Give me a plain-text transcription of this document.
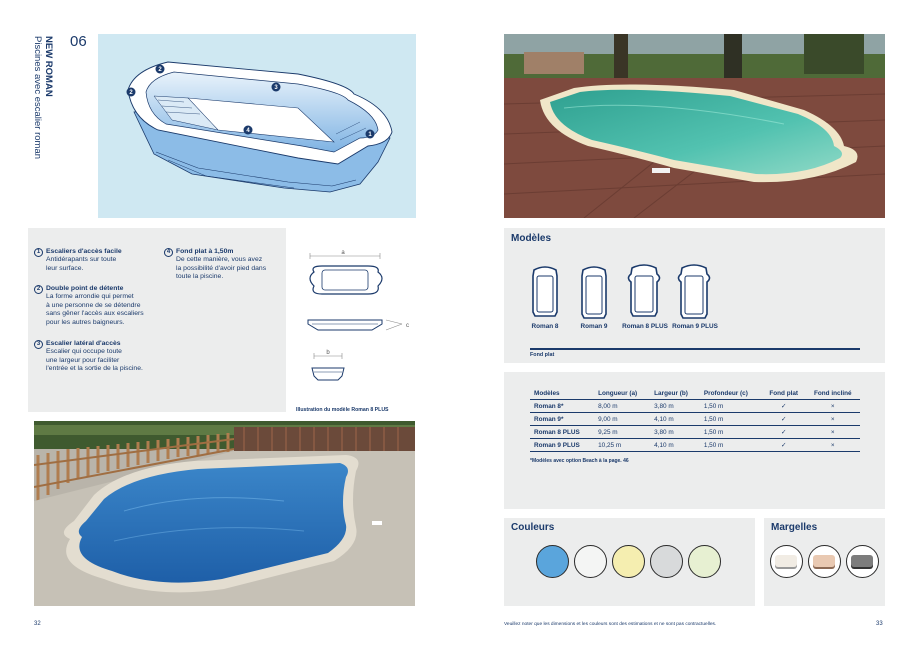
1
2
2
3
4
06
NEW ROMAN
Piscines avec escalier roman
1 Escaliers d'accès facile
Antidérapants sur toute
leur surface.
2 Double point de détente
La forme arrondie qui permet
à une personne de se détendre
sans gêner l'accès aux escaliers
pour les autres baigneurs.
3 Escalier latéral d'accès
Escalier qui occupe toute
une largeur pour faciliter
l'entrée et la sortie de la piscine.
4 Fond plat à 1,50m
De cette manière, vous avez
la possibilité d'avoir pied dans
toute la piscine.
a
c
b
Illustration du modèle Roman 8 PLUS
32
Modèles
Roman 8	Roman 9	Roman 8 PLUS Roman 9 PLUS
Fond plat
Modèles	Longueur (a)	Largeur (b)	Profondeur (c)	Fond plat	Fond incliné
Roman 8*	8,00 m	3,80 m	1,50 m	✓	×
Roman 9*	9,00 m	4,10 m	1,50 m	✓	×
Roman 8 PLUS	9,25 m	3,80 m	1,50 m	✓	×
Roman 9 PLUS	10,25 m	4,10 m	1,50 m	✓	×
*Modèles avec option Beach à la page. 46
Couleurs	Margelles
Veuillez noter que les dimensions et les couleurs sont des estimations et ne sont pas contractuelles.	33
